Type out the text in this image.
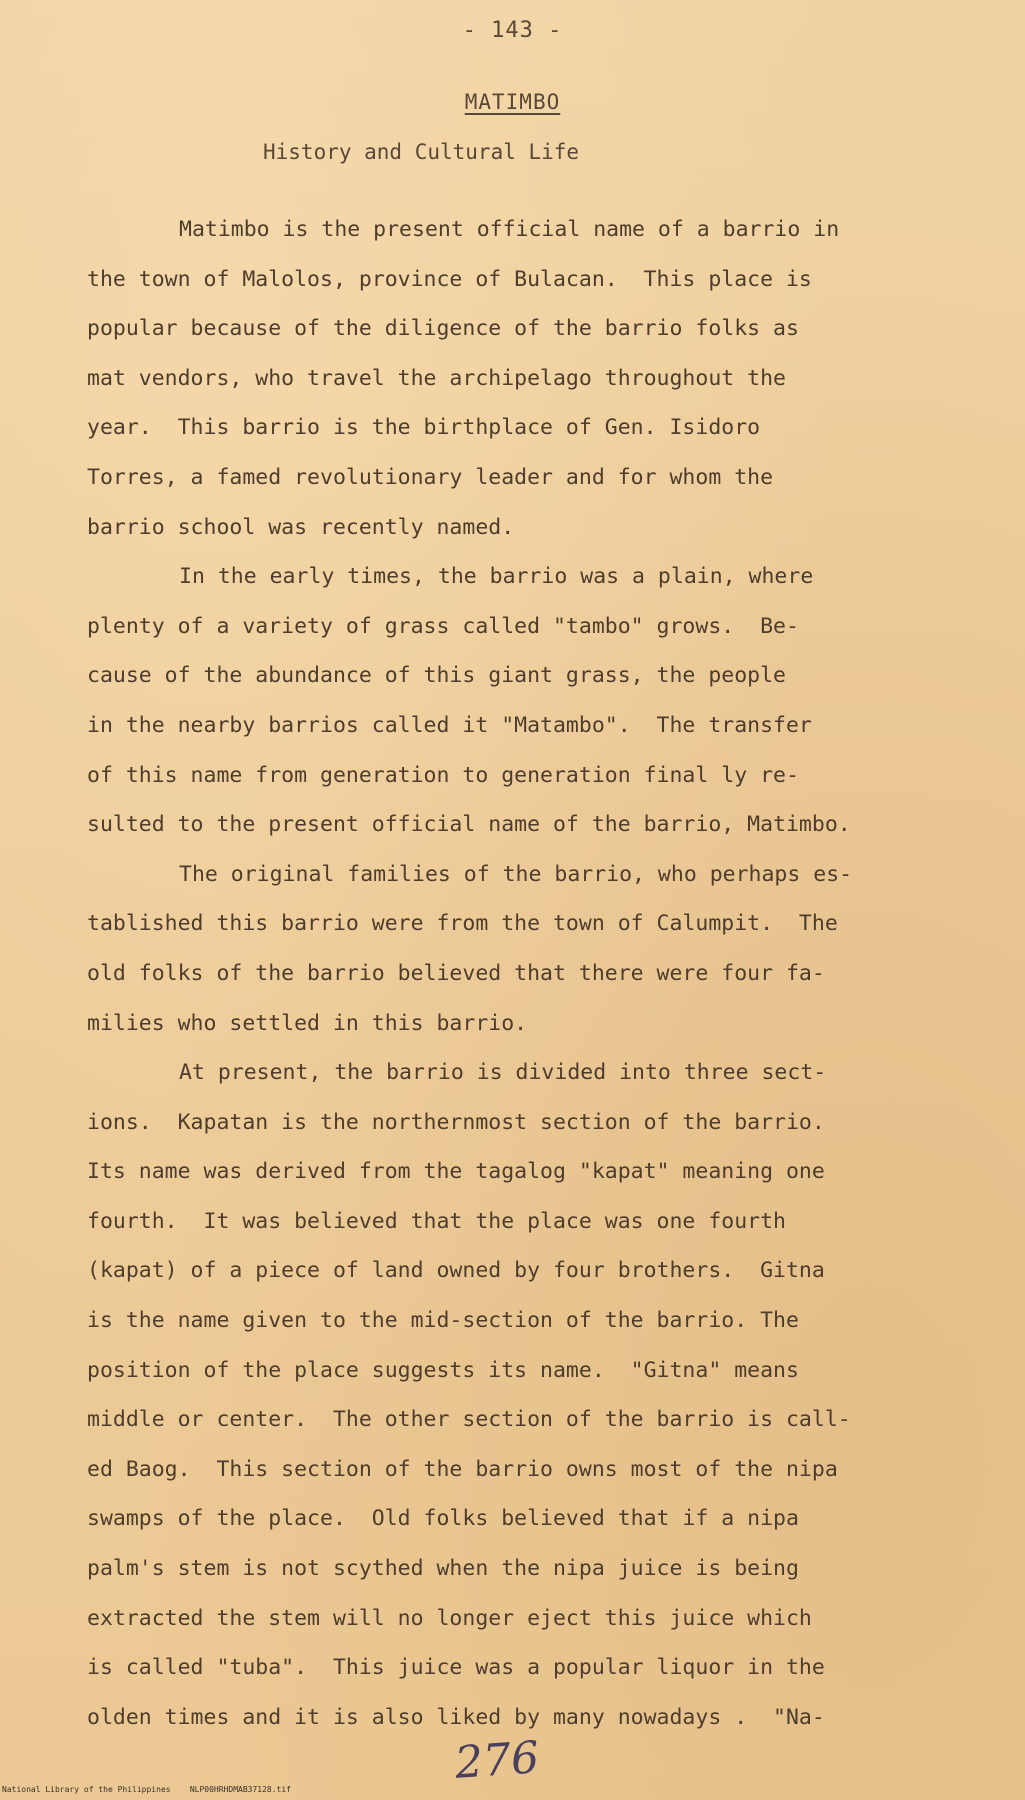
- 143 -
MATIMBO
History and Cultural Life
Matimbo is the present official name of a barrio in
the town of Malolos, province of Bulacan.  This place is
popular because of the diligence of the barrio folks as
mat vendors, who travel the archipelago throughout the
year.  This barrio is the birthplace of Gen. Isidoro
Torres, a famed revolutionary leader and for whom the
barrio school was recently named.
In the early times, the barrio was a plain, where
plenty of a variety of grass called "tambo" grows.  Be-
cause of the abundance of this giant grass, the people
in the nearby barrios called it "Matambo".  The transfer
of this name from generation to generation final ly re-
sulted to the present official name of the barrio, Matimbo.
The original families of the barrio, who perhaps es-
tablished this barrio were from the town of Calumpit.  The
old folks of the barrio believed that there were four fa-
milies who settled in this barrio.
At present, the barrio is divided into three sect-
ions.  Kapatan is the northernmost section of the barrio.
Its name was derived from the tagalog "kapat" meaning one
fourth.  It was believed that the place was one fourth
(kapat) of a piece of land owned by four brothers.  Gitna
is the name given to the mid-section of the barrio. The
position of the place suggests its name.  "Gitna" means
middle or center.  The other section of the barrio is call-
ed Baog.  This section of the barrio owns most of the nipa
swamps of the place.  Old folks believed that if a nipa
palm's stem is not scythed when the nipa juice is being
extracted the stem will no longer eject this juice which
is called "tuba".  This juice was a popular liquor in the
olden times and it is also liked by many nowadays .  "Na-
276
National Library of the Philippines    NLP00HRHDMAB37128.tif
